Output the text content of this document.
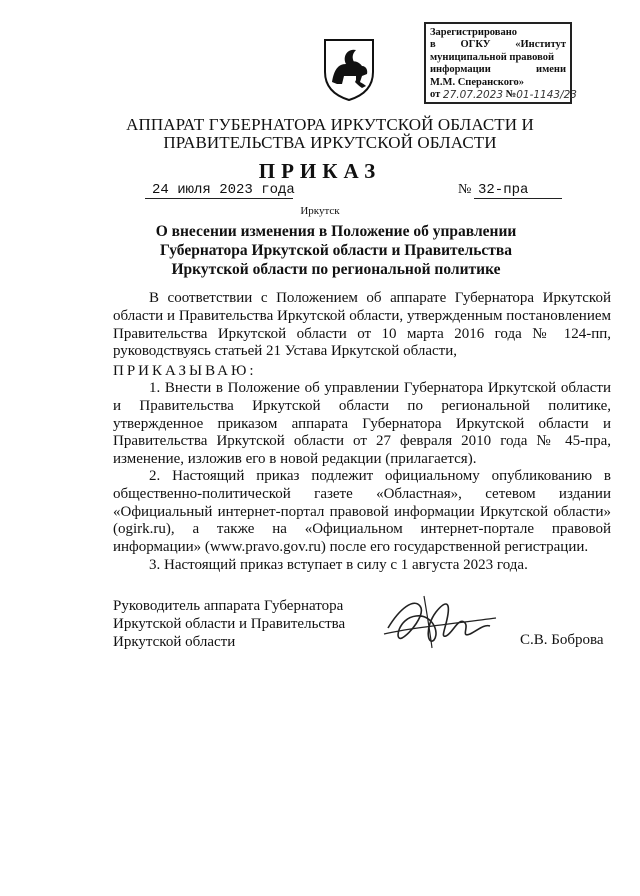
Зарегистрировано
в ОГКУ «Институт
муниципальной правовой
информации	имени
М.М. Сперанского»
от
27.07.2023
№ 01-1143/23
АППАРАТ ГУБЕРНАТОРА ИРКУТСКОЙ ОБЛАСТИ И
ПРАВИТЕЛЬСТВА ИРКУТСКОЙ ОБЛАСТИ
ПРИКАЗ
24 июля 2023 года	№ 32-пра
Иркутск
О внесении изменения в Положение об управлении Губернатора Иркутской области и Правительства Иркутской области по региональной политике
В соответствии с Положением об аппарате Губернатора Иркутской области и Правительства Иркутской области, утвержденным постановлением Правительства Иркутской области от 10 марта 2016 года № 124-пп, руководствуясь статьей 21 Устава Иркутской области,
ПРИКАЗЫВАЮ:
1. Внести в Положение об управлении Губернатора Иркутской области и Правительства Иркутской области по региональной политике, утвержденное приказом аппарата Губернатора Иркутской области и Правительства Иркутской области от 27 февраля 2010 года № 45-пра, изменение, изложив его в новой редакции (прилагается).
2. Настоящий приказ подлежит официальному опубликованию в общественно-политической газете «Областная», сетевом издании «Официальный интернет-портал правовой информации Иркутской области» (ogirk.ru), а также на «Официальном интернет-портале правовой информации» (www.pravo.gov.ru) после его государственной регистрации.
3. Настоящий приказ вступает в силу с 1 августа 2023 года.
Руководитель аппарата Губернатора
Иркутской области и Правительства
Иркутской области	С.В. Боброва
